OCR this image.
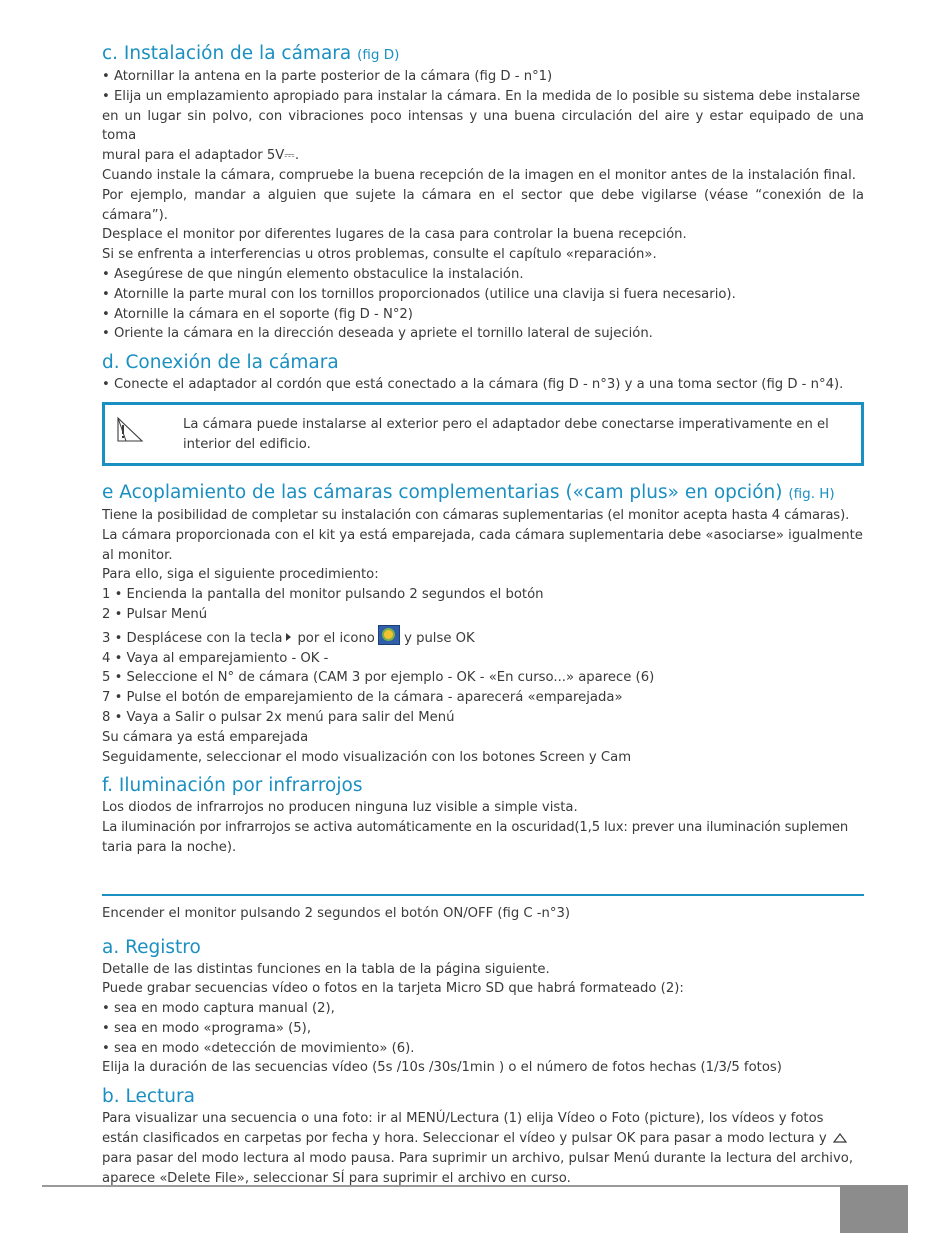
c. Instalación de la cámara (fig D)

• Atornillar la antena en la parte posterior de la cámara (fig D - n°1)

• Elija un emplazamiento apropiado para instalar la cámara. En la medida de lo posible su sistema debe instalarse

en un lugar sin polvo, con vibraciones poco intensas y una buena circulación del aire y estar equipado de una toma

mural para el adaptador 5V⎓.

Cuando instale la cámara, compruebe la buena recepción de la imagen en el monitor antes de la instalación final.

Por ejemplo, mandar a alguien que sujete la cámara en el sector que debe vigilarse (véase “conexión de la cámara”).

Desplace el monitor por diferentes lugares de la casa para controlar la buena recepción.

Si se enfrenta a interferencias u otros problemas, consulte el capítulo «reparación».

• Asegúrese de que ningún elemento obstaculice la instalación.

• Atornille la parte mural con los tornillos proporcionados (utilice una clavija si fuera necesario).

• Atornille la cámara en el soporte (fig D - N°2)

• Oriente la cámara en la dirección deseada y apriete el tornillo lateral de sujeción.

d. Conexión de la cámara

• Conecte el adaptador al cordón que está conectado a la cámara (fig D - n°3) y a una toma sector (fig D - n°4).

La cámara puede instalarse al exterior pero el adaptador debe conectarse imperativamente en el interior del edificio.
e Acoplamiento de las cámaras complementarias («cam plus» en opción) (fig. H)

Tiene la posibilidad de completar su instalación con cámaras suplementarias (el monitor acepta hasta 4 cámaras).

La cámara proporcionada con el kit ya está emparejada, cada cámara suplementaria debe «asociarse» igualmente

al monitor.

Para ello, siga el siguiente procedimiento:

1 • Encienda la pantalla del monitor pulsando 2 segundos el botón

2 • Pulsar Menú

3 • Desplácese con la tecla por el icono y pulse OK

4 • Vaya al emparejamiento - OK -

5 • Seleccione el N° de cámara (CAM 3 por ejemplo - OK - «En curso...» aparece (6)

7 • Pulse el botón de emparejamiento de la cámara - aparecerá «emparejada»

8 • Vaya a Salir o pulsar 2x menú para salir del Menú

Su cámara ya está emparejada

Seguidamente, seleccionar el modo visualización con los botones Screen y Cam

f. Iluminación por infrarrojos

Los diodos de infrarrojos no producen ninguna luz visible a simple vista.

La iluminación por infrarrojos se activa automáticamente en la oscuridad(1,5 lux: prever una iluminación suplemen

taria para la noche).

Encender el monitor pulsando 2 segundos el botón ON/OFF (fig C -n°3)

a. Registro

Detalle de las distintas funciones en la tabla de la página siguiente.

Puede grabar secuencias vídeo o fotos en la tarjeta Micro SD que habrá formateado (2):

• sea en modo captura manual (2),

• sea en modo «programa» (5),

• sea en modo «detección de movimiento» (6).

Elija la duración de las secuencias vídeo (5s /10s /30s/1min ) o el número de fotos hechas (1/3/5 fotos)

b. Lectura

Para visualizar una secuencia o una foto: ir al MENÚ/Lectura (1) elija Vídeo o Foto (picture), los vídeos y fotos

están clasificados en carpetas por fecha y hora. Seleccionar el vídeo y pulsar OK para pasar a modo lectura y

para pasar del modo lectura al modo pausa. Para suprimir un archivo, pulsar Menú durante la lectura del archivo,

aparece «Delete File», seleccionar SÍ para suprimir el archivo en curso.
